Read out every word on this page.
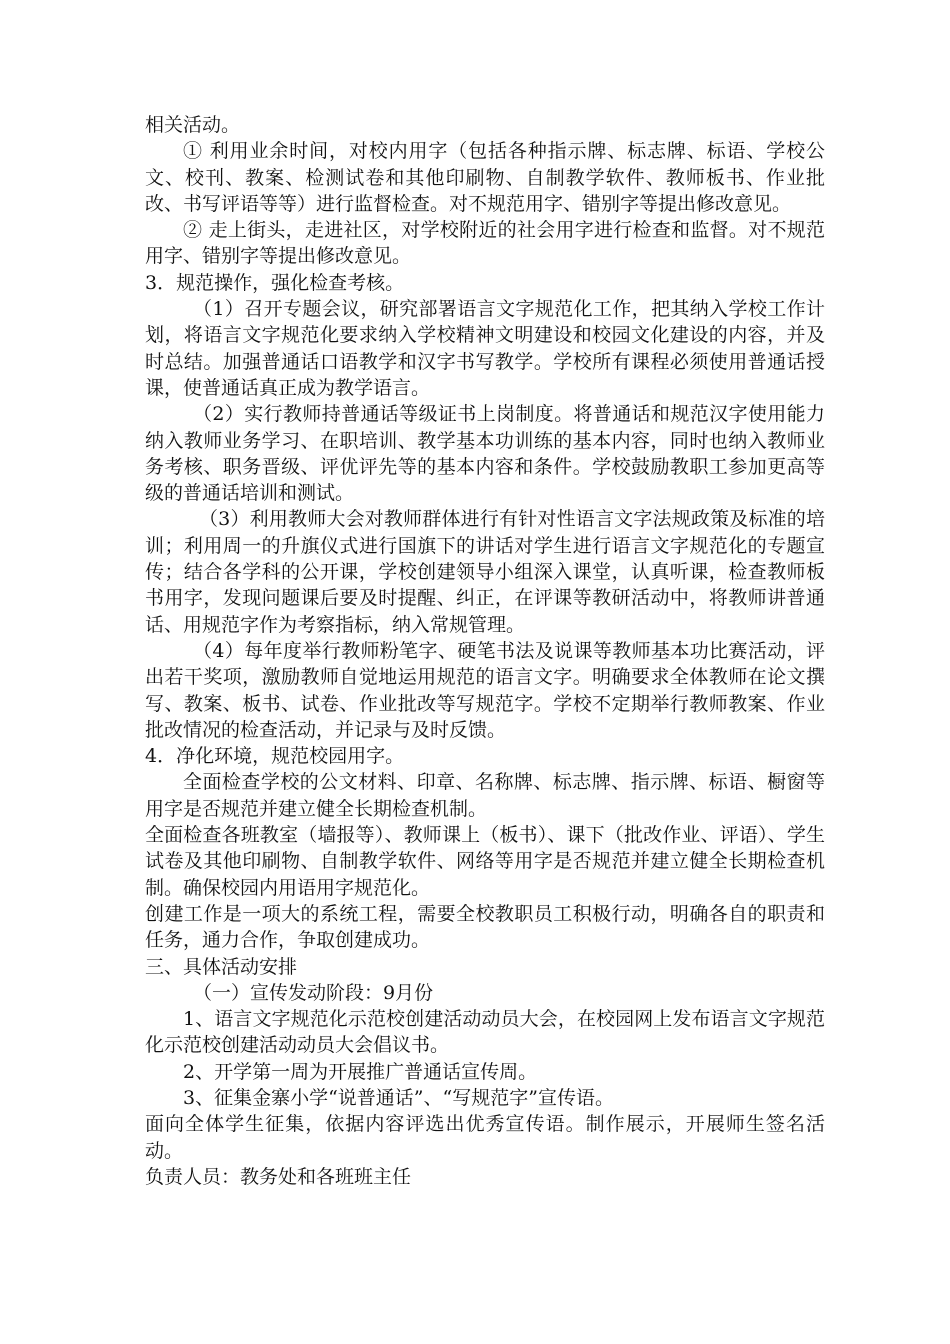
相关活动。

① 利用业余时间，对校内用字（包括各种指示牌、标志牌、标语、学校公文、校刊、教案、检测试卷和其他印刷物、自制教学软件、教师板书、作业批改、书写评语等等）进行监督检查。对不规范用字、错别字等提出修改意见。

② 走上街头，走进社区，对学校附近的社会用字进行检查和监督。对不规范用字、错别字等提出修改意见。

3．规范操作，强化检查考核。

（1）召开专题会议，研究部署语言文字规范化工作，把其纳入学校工作计划，将语言文字规范化要求纳入学校精神文明建设和校园文化建设的内容，并及时总结。加强普通话口语教学和汉字书写教学。学校所有课程必须使用普通话授课，使普通话真正成为教学语言。

（2）实行教师持普通话等级证书上岗制度。将普通话和规范汉字使用能力纳入教师业务学习、在职培训、教学基本功训练的基本内容，同时也纳入教师业务考核、职务晋级、评优评先等的基本内容和条件。学校鼓励教职工参加更高等级的普通话培训和测试。

（3）利用教师大会对教师群体进行有针对性语言文字法规政策及标准的培训；利用周一的升旗仪式进行国旗下的讲话对学生进行语言文字规范化的专题宣传；结合各学科的公开课，学校创建领导小组深入课堂，认真听课，检查教师板书用字，发现问题课后要及时提醒、纠正，在评课等教研活动中，将教师讲普通话、用规范字作为考察指标，纳入常规管理。

（4）每年度举行教师粉笔字、硬笔书法及说课等教师基本功比赛活动，评出若干奖项，激励教师自觉地运用规范的语言文字。明确要求全体教师在论文撰写、教案、板书、试卷、作业批改等写规范字。学校不定期举行教师教案、作业批改情况的检查活动，并记录与及时反馈。

4．净化环境，规范校园用字。

全面检查学校的公文材料、印章、名称牌、标志牌、指示牌、标语、橱窗等用字是否规范并建立健全长期检查机制。

全面检查各班教室（墙报等）、教师课上（板书）、课下（批改作业、评语）、学生试卷及其他印刷物、自制教学软件、网络等用字是否规范并建立健全长期检查机制。确保校园内用语用字规范化。

创建工作是一项大的系统工程，需要全校教职员工积极行动，明确各自的职责和任务，通力合作，争取创建成功。

三、具体活动安排

（一）宣传发动阶段：9月份

1、语言文字规范化示范校创建活动动员大会，在校园网上发布语言文字规范化示范校创建活动动员大会倡议书。

2、开学第一周为开展推广普通话宣传周。

3、征集金寨小学“说普通话”、“写规范字”宣传语。

面向全体学生征集，依据内容评选出优秀宣传语。制作展示，开展师生签名活动。

负责人员：教务处和各班班主任
